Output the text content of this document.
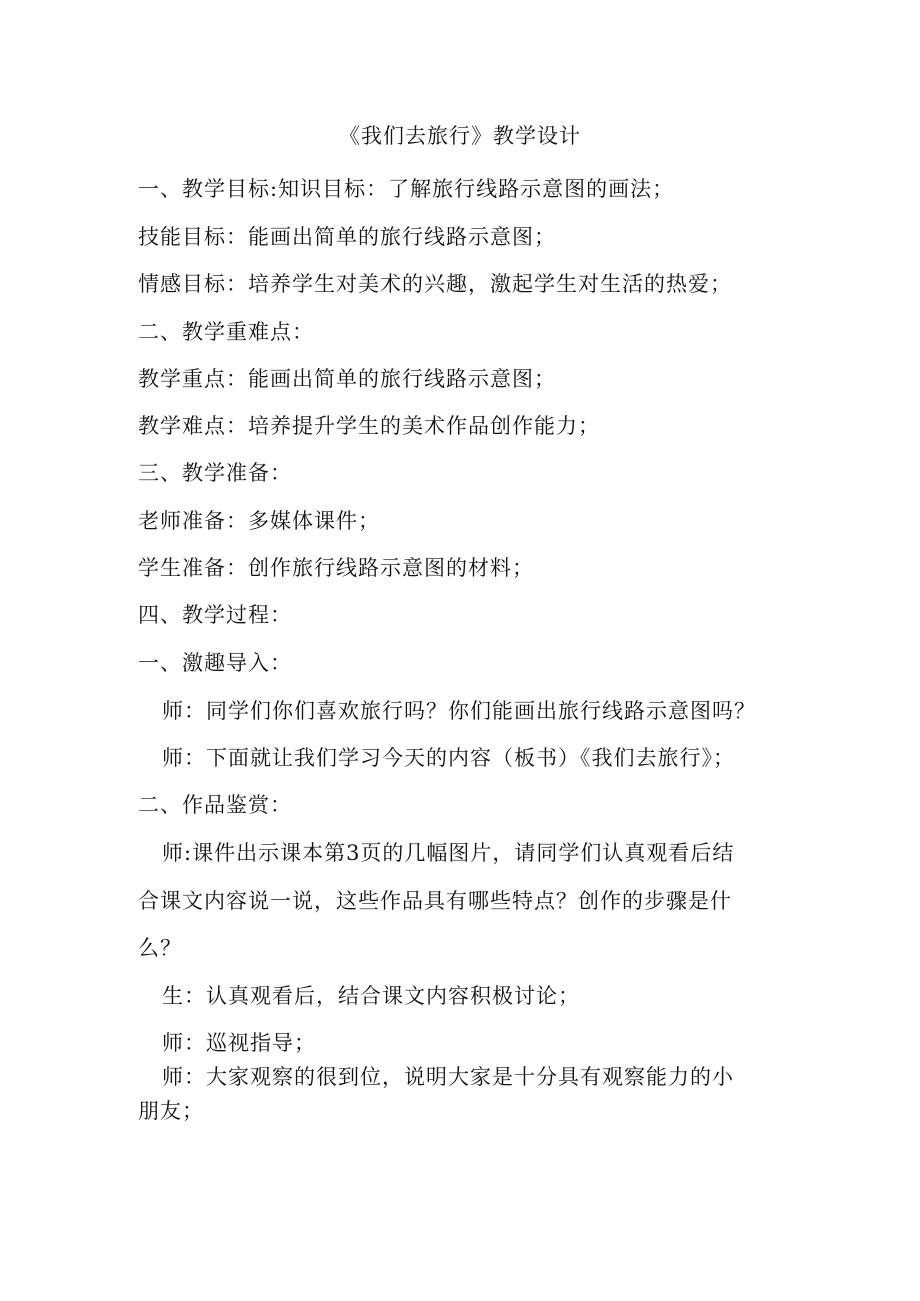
《我们去旅行》教学设计
一、教学目标:知识目标：了解旅行线路示意图的画法；
技能目标：能画出简单的旅行线路示意图；
情感目标：培养学生对美术的兴趣，激起学生对生活的热爱；
二、教学重难点：
教学重点：能画出简单的旅行线路示意图；
教学难点：培养提升学生的美术作品创作能力；
三、教学准备：
老师准备：多媒体课件；
学生准备：创作旅行线路示意图的材料；
四、教学过程：
一、激趣导入：
师：同学们你们喜欢旅行吗？你们能画出旅行线路示意图吗？
师：下面就让我们学习今天的内容（板书）《我们去旅行》；
二、作品鉴赏：
师:课件出示课本第3页的几幅图片，请同学们认真观看后结
合课文内容说一说，这些作品具有哪些特点？创作的步骤是什
么？
生：认真观看后，结合课文内容积极讨论；
师：巡视指导；
师：大家观察的很到位，说明大家是十分具有观察能力的小
朋友；
